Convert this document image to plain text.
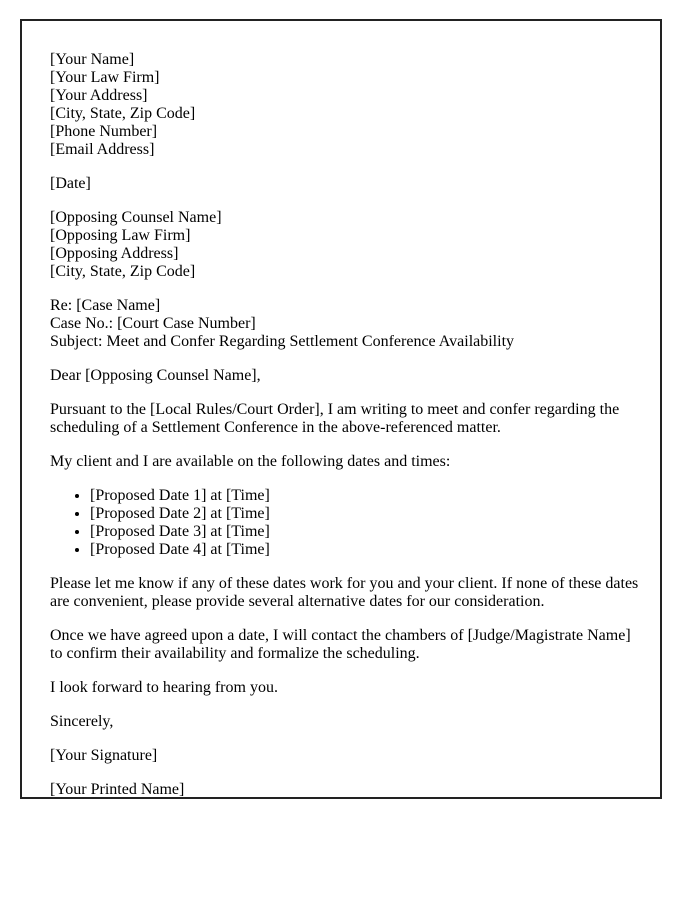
[Your Name]
[Your Law Firm]
[Your Address]
[City, State, Zip Code]
[Phone Number]
[Email Address]

[Date]

[Opposing Counsel Name]
[Opposing Law Firm]
[Opposing Address]
[City, State, Zip Code]
Re: [Case Name]
Case No.: [Court Case Number]
Subject: Meet and Confer Regarding Settlement Conference Availability

Dear [Opposing Counsel Name],

Pursuant to the [Local Rules/Court Order], I am writing to meet and confer regarding the scheduling of a Settlement Conference in the above-referenced matter.

My client and I are available on the following dates and times:

• [Proposed Date 1] at [Time]
• [Proposed Date 2] at [Time]
• [Proposed Date 3] at [Time]
• [Proposed Date 4] at [Time]

Please let me know if any of these dates work for you and your client. If none of these dates are convenient, please provide several alternative dates for our consideration.

Once we have agreed upon a date, I will contact the chambers of [Judge/Magistrate Name] to confirm their availability and formalize the scheduling.

I look forward to hearing from you.

Sincerely,

[Your Signature]

[Your Printed Name]
